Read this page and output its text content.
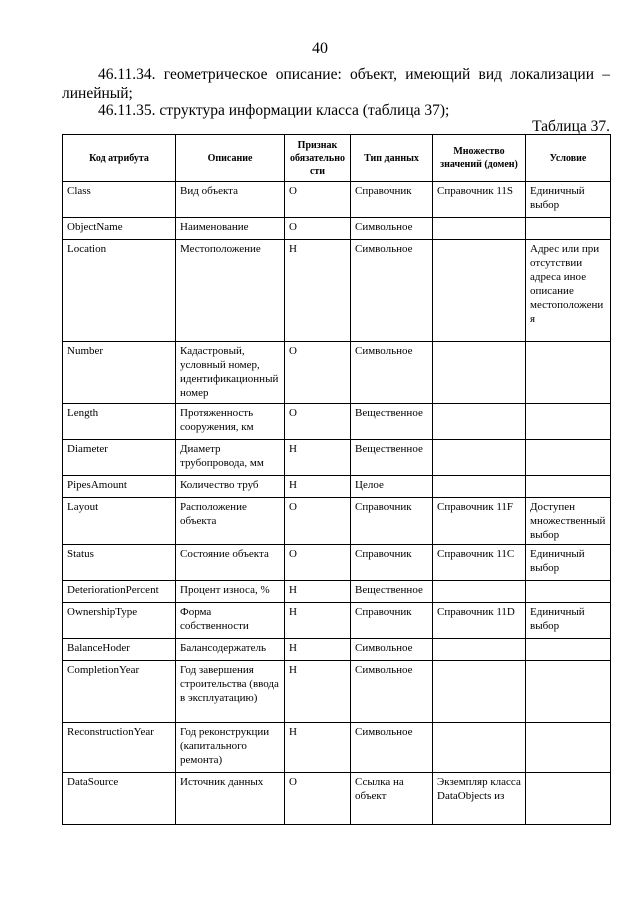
40
46.11.34. геометрическое описание: объект, имеющий вид локализации – линейный;
46.11.35. структура информации класса (таблица 37);
Таблица 37.
Код атрибута	Описание	Признак обязательности	Тип данных	Множество значений (домен)	Условие
Class	Вид объекта	О	Справочник	Справочник 11S	Единичный выбор
ObjectName	Наименование	О	Символьное		
Location	Местоположение	Н	Символьное		Адрес или при отсутствии адреса иное описание местоположения
Number	Кадастровый, условный номер, идентификационный номер	О	Символьное		
Length	Протяженность сооружения, км	О	Вещественное		
Diameter	Диаметр трубопровода, мм	Н	Вещественное		
PipesAmount	Количество труб	Н	Целое		
Layout	Расположение объекта	О	Справочник	Справочник 11F	Доступен множественный выбор
Status	Состояние объекта	О	Справочник	Справочник 11C	Единичный выбор
DeteriorationPercent	Процент износа, %	Н	Вещественное		
OwnershipType	Форма собственности	Н	Справочник	Справочник 11D	Единичный выбор
BalanceHoder	Балансодержатель	Н	Символьное		
CompletionYear	Год завершения строительства (ввода в эксплуатацию)	Н	Символьное		
ReconstructionYear	Год реконструкции (капитального ремонта)	Н	Символьное		
DataSource	Источник данных	О	Ссылка на объект	Экземпляр класса DataObjects из	
